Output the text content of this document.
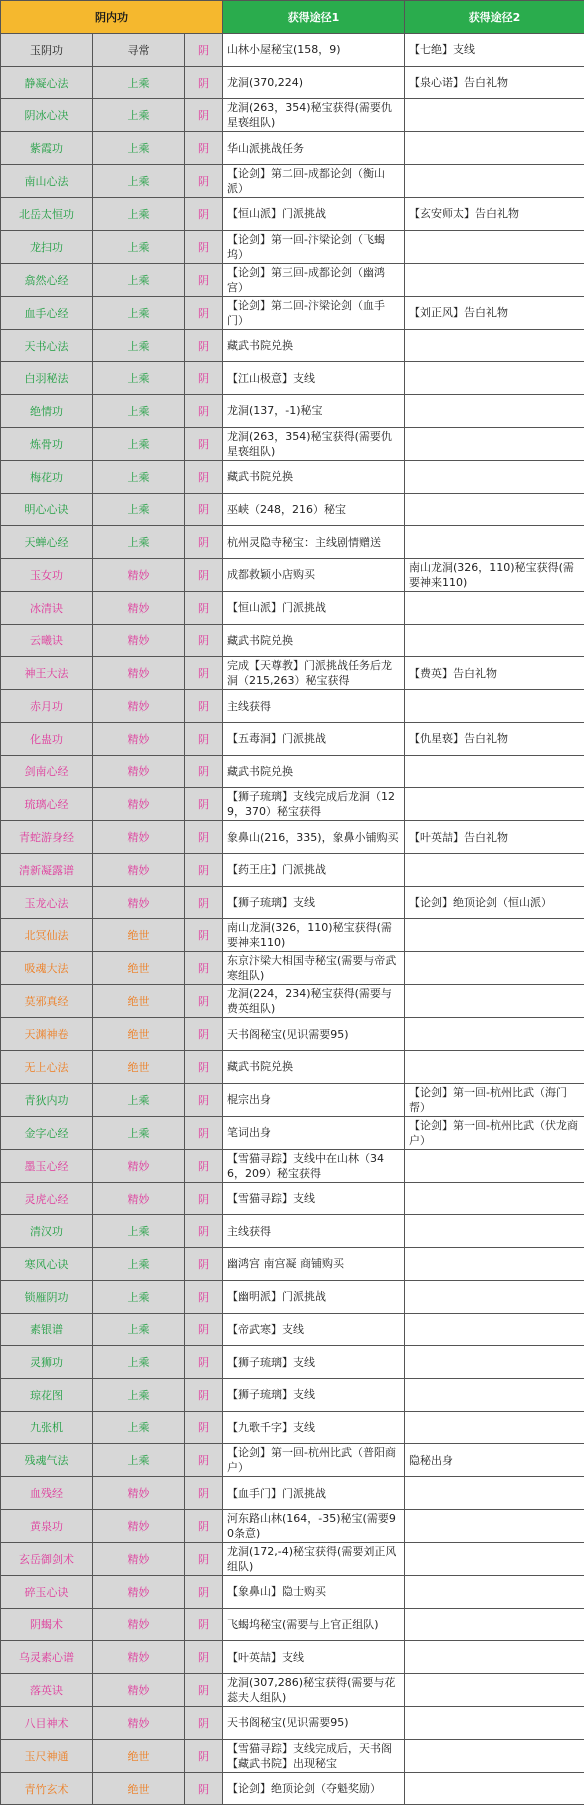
阴内功			获得途径1	获得途径2
玉阴功	寻常	阴	山林小屋秘宝(158，9)	【七绝】支线
静凝心法	上乘	阴	龙洞(370,224)	【泉心诺】告白礼物
阴冰心决	上乘	阴	龙洞(263，354)秘宝获得(需要仇星亵组队)	
紫霞功	上乘	阴	华山派挑战任务	
南山心法	上乘	阴	【论剑】第二回-成都论剑（衡山派）	
北岳太恒功	上乘	阴	【恒山派】门派挑战	【玄安师太】告白礼物
龙扫功	上乘	阴	【论剑】第一回-汴梁论剑（飞蝎坞）	
翕然心经	上乘	阴	【论剑】第三回-成都论剑（幽鸿宫）	
血手心经	上乘	阴	【论剑】第二回-汴梁论剑（血手门）	【刘正风】告白礼物
天书心法	上乘	阴	藏武书院兑换	
白羽秘法	上乘	阴	【江山极意】支线	
绝情功	上乘	阴	龙洞(137，-1)秘宝	
炼骨功	上乘	阴	龙洞(263，354)秘宝获得(需要仇星亵组队)	
梅花功	上乘	阴	藏武书院兑换	
明心心诀	上乘	阴	巫峡（248，216）秘宝	
天蝉心经	上乘	阴	杭州灵隐寺秘宝：主线剧情赠送	
玉女功	精妙	阴	成都救颖小店购买	南山龙洞(326，110)秘宝获得(需要神来110)
冰清诀	精妙	阴	【恒山派】门派挑战	
云曦诀	精妙	阴	藏武书院兑换	
神王大法	精妙	阴	完成【天尊教】门派挑战任务后龙洞（215,263）秘宝获得	【费英】告白礼物
赤月功	精妙	阴	主线获得	
化蛊功	精妙	阴	【五毒洞】门派挑战	【仇星亵】告白礼物
剑南心经	精妙	阴	藏武书院兑换	
琉璃心经	精妙	阴	【狮子琉璃】支线完成后龙洞（129，370）秘宝获得	
青蛇游身经	精妙	阴	象鼻山(216，335)，象鼻小铺购买	【叶英喆】告白礼物
清新凝露谱	精妙	阴	【药王庄】门派挑战	
玉龙心法	精妙	阴	【狮子琉璃】支线	【论剑】绝顶论剑（恒山派）
北冥仙法	绝世	阴	南山龙洞(326，110)秘宝获得(需要神来110)	
吸魂大法	绝世	阴	东京汴梁大相国寺秘宝(需要与帝武寒组队)	
莫邪真经	绝世	阴	龙洞(224，234)秘宝获得(需要与费英组队)	
天渊神卷	绝世	阴	天书阁秘宝(见识需要95)	
无上心法	绝世	阴	藏武书院兑换	
青狄内功	上乘	阴	棍宗出身	【论剑】第一回-杭州比武（海门帮）
金字心经	上乘	阴	笔词出身	【论剑】第一回-杭州比武（伏龙商户）
墨玉心经	精妙	阴	【雪猫寻踪】支线中在山林（346，209）秘宝获得	
灵虎心经	精妙	阴	【雪猫寻踪】支线	
清汉功	上乘	阴	主线获得	
寒风心诀	上乘	阴	幽鸿宫 南宫凝 商铺购买	
锁雁阴功	上乘	阴	【幽明派】门派挑战	
素银谱	上乘	阴	【帝武寒】支线	
灵狮功	上乘	阴	【狮子琉璃】支线	
琼花图	上乘	阴	【狮子琉璃】支线	
九张机	上乘	阴	【九歌千字】支线	
残魂气法	上乘	阴	【论剑】第一回-杭州比武（普阳商户）	隐秘出身
血残经	精妙	阴	【血手门】门派挑战	
黄泉功	精妙	阴	河东路山林(164，-35)秘宝(需要90条意)	
玄岳御剑术	精妙	阴	龙洞(172,-4)秘宝获得(需要刘正风组队)	
碎玉心诀	精妙	阴	【象鼻山】隐士购买	
阴蝎术	精妙	阴	飞蝎坞秘宝(需要与上官正组队)	
乌灵素心谱	精妙	阴	【叶英喆】支线	
落英诀	精妙	阴	龙洞(307,286)秘宝获得(需要与花蕊夫人组队)	
八目神术	精妙	阴	天书阁秘宝(见识需要95)	
玉尺神通	绝世	阴	【雪猫寻踪】支线完成后，天书阁【藏武书院】出现秘宝	
青竹玄术	绝世	阴	【论剑】绝顶论剑（夺魁奖励）	
